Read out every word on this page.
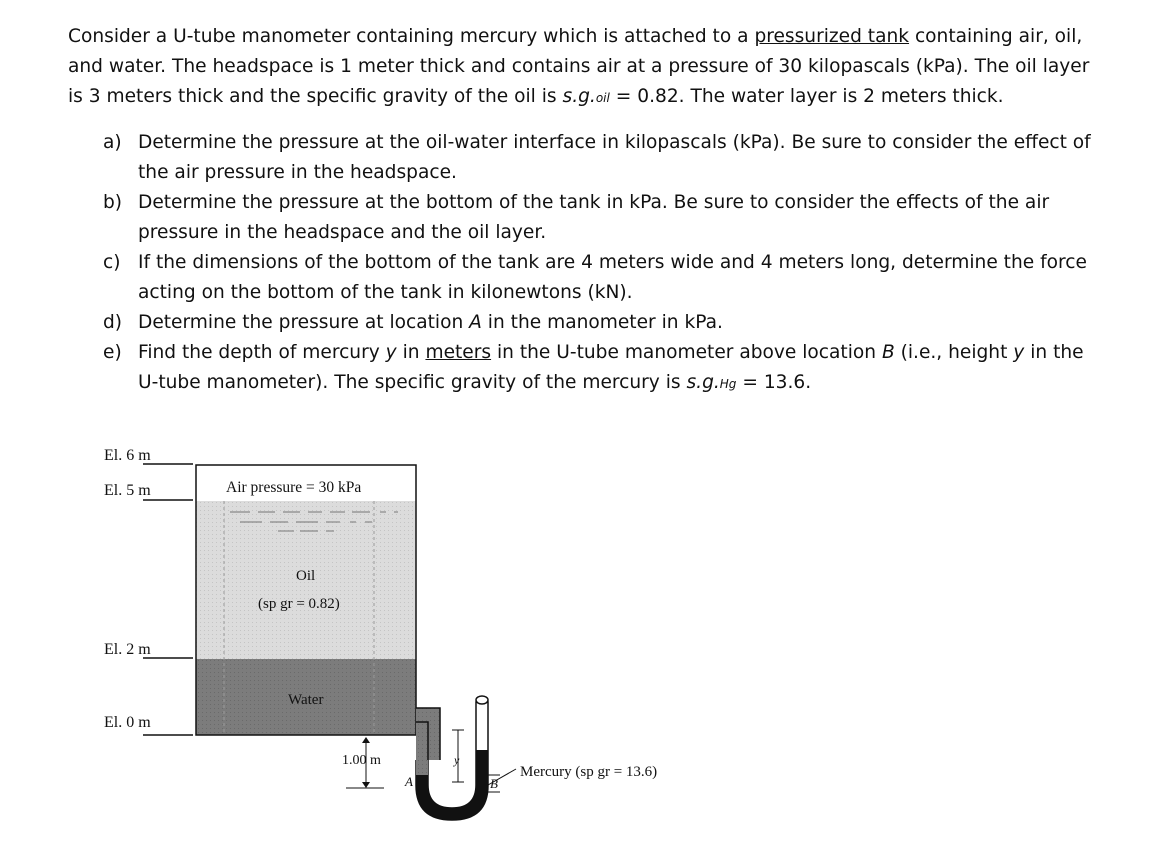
Consider a U-tube manometer containing mercury which is attached to a pressurized tank containing air, oil, and water. The headspace is 1 meter thick and contains air at a pressure of 30 kilopascals (kPa). The oil layer is 3 meters thick and the specific gravity of the oil is s.g.oil = 0.82. The water layer is 2 meters thick.

a) Determine the pressure at the oil-water interface in kilopascals (kPa). Be sure to consider the effect of the air pressure in the headspace.
b) Determine the pressure at the bottom of the tank in kPa. Be sure to consider the effects of the air pressure in the headspace and the oil layer.
c) If the dimensions of the bottom of the tank are 4 meters wide and 4 meters long, determine the force acting on the bottom of the tank in kilonewtons (kN).
d) Determine the pressure at location A in the manometer in kPa.
e) Find the depth of mercury y in meters in the U-tube manometer above location B (i.e., height y in the U-tube manometer). The specific gravity of the mercury is s.g.Hg = 13.6.
El. 6 m
El. 5 m
El. 2 m
El. 0 m
Air pressure = 30 kPa
Oil
(sp gr = 0.82)
Water
1.00 m	y
A	B
Mercury (sp gr = 13.6)
